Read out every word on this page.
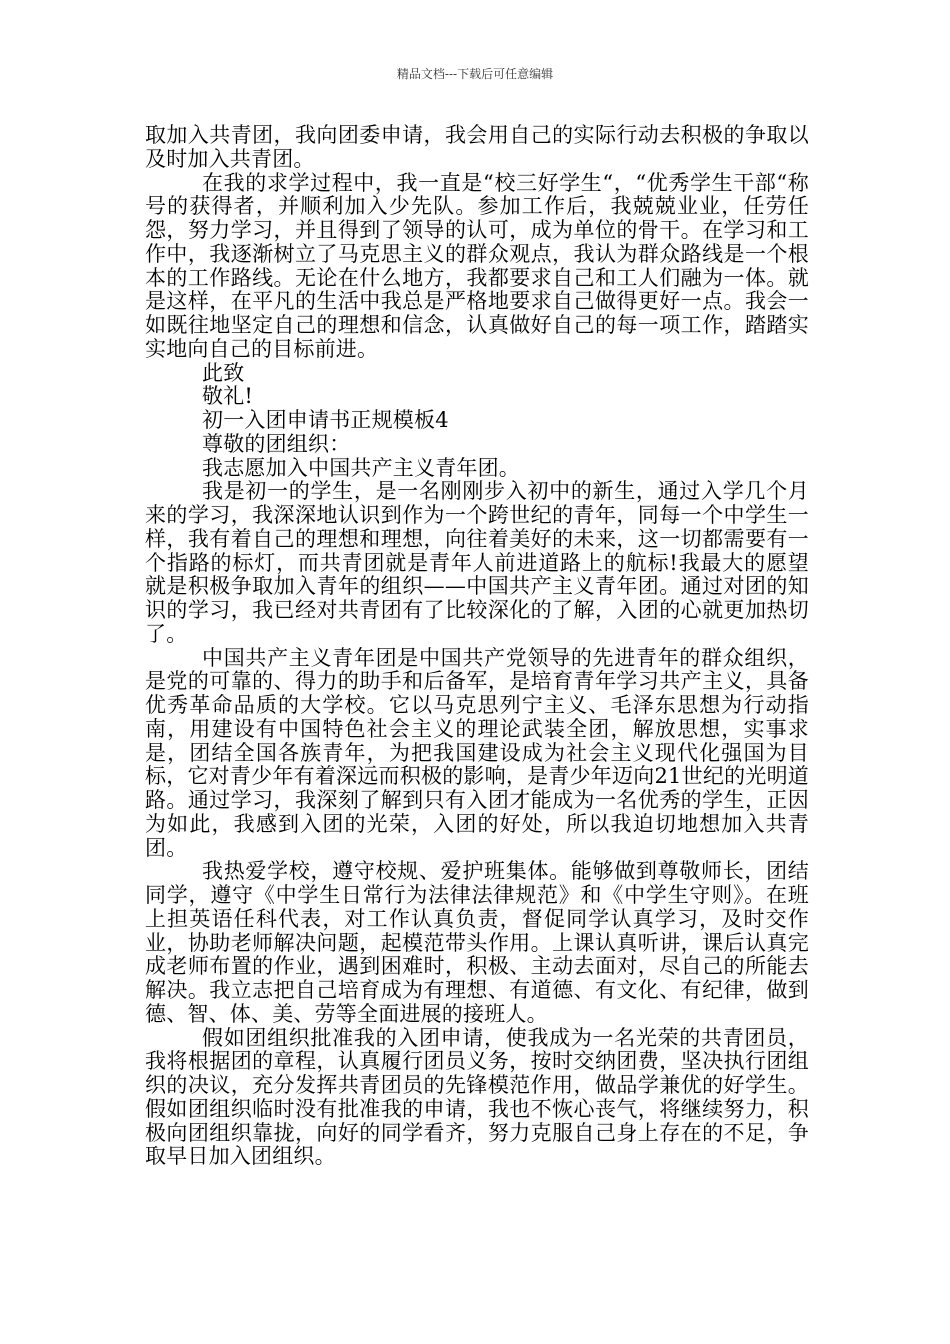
精品文档---下载后可任意编辑

取加入共青团，我向团委申请，我会用自己的实际行动去积极的争取以及时加入共青团。

在我的求学过程中，我一直是“校三好学生“，“优秀学生干部“称号的获得者，并顺利加入少先队。参加工作后，我兢兢业业，任劳任怨，努力学习，并且得到了领导的认可，成为单位的骨干。在学习和工作中，我逐渐树立了马克思主义的群众观点，我认为群众路线是一个根本的工作路线。无论在什么地方，我都要求自己和工人们融为一体。就是这样，在平凡的生活中我总是严格地要求自己做得更好一点。我会一如既往地坚定自己的理想和信念，认真做好自己的每一项工作，踏踏实实地向自己的目标前进。

此致

敬礼!

初一入团申请书正规模板4

尊敬的团组织：

我志愿加入中国共产主义青年团。

我是初一的学生，是一名刚刚步入初中的新生，通过入学几个月来的学习，我深深地认识到作为一个跨世纪的青年，同每一个中学生一样，我有着自己的理想和理想，向往着美好的未来，这一切都需要有一个指路的标灯，而共青团就是青年人前进道路上的航标!我最大的愿望就是积极争取加入青年的组织——中国共产主义青年团。通过对团的知识的学习，我已经对共青团有了比较深化的了解，入团的心就更加热切了。

中国共产主义青年团是中国共产党领导的先进青年的群众组织，是党的可靠的、得力的助手和后备军，是培育青年学习共产主义，具备优秀革命品质的大学校。它以马克思列宁主义、毛泽东思想为行动指南，用建设有中国特色社会主义的理论武装全团，解放思想，实事求是，团结全国各族青年，为把我国建设成为社会主义现代化强国为目标，它对青少年有着深远而积极的影响，是青少年迈向21世纪的光明道路。通过学习，我深刻了解到只有入团才能成为一名优秀的学生，正因为如此，我感到入团的光荣，入团的好处，所以我迫切地想加入共青团。

我热爱学校，遵守校规、爱护班集体。能够做到尊敬师长，团结同学，遵守《中学生日常行为法律法律规范》和《中学生守则》。在班上担英语任科代表，对工作认真负责，督促同学认真学习，及时交作业，协助老师解决问题，起模范带头作用。上课认真听讲，课后认真完成老师布置的作业，遇到困难时，积极、主动去面对，尽自己的所能去解决。我立志把自己培育成为有理想、有道德、有文化、有纪律，做到德、智、体、美、劳等全面进展的接班人。

假如团组织批准我的入团申请，使我成为一名光荣的共青团员，我将根据团的章程，认真履行团员义务，按时交纳团费，坚决执行团组织的决议，充分发挥共青团员的先锋模范作用，做品学兼优的好学生。假如团组织临时没有批准我的申请，我也不恢心丧气，将继续努力，积极向团组织靠拢，向好的同学看齐，努力克服自己身上存在的不足，争取早日加入团组织。
